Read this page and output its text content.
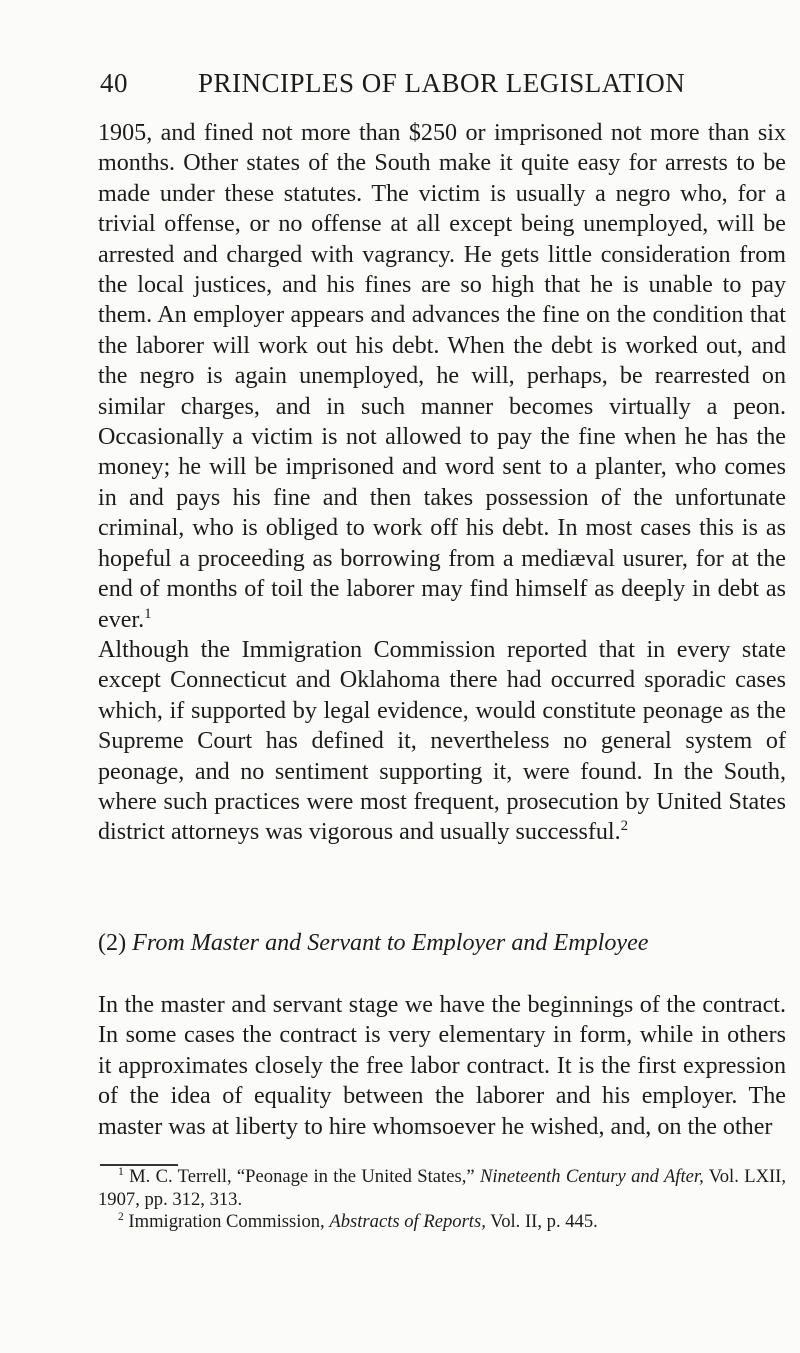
40	PRINCIPLES OF LABOR LEGISLATION

1905, and fined not more than $250 or imprisoned not more than six months. Other states of the South make it quite easy for arrests to be made under these statutes. The victim is usually a negro who, for a trivial offense, or no offense at all except being unemployed, will be arrested and charged with vagrancy. He gets little consideration from the local justices, and his fines are so high that he is unable to pay them. An employer appears and advances the fine on the condition that the laborer will work out his debt. When the debt is worked out, and the negro is again unemployed, he will, perhaps, be rearrested on similar charges, and in such manner becomes virtually a peon. Occasionally a victim is not allowed to pay the fine when he has the money; he will be imprisoned and word sent to a planter, who comes in and pays his fine and then takes possession of the unfortunate criminal, who is obliged to work off his debt. In most cases this is as hopeful a proceeding as borrowing from a mediæval usurer, for at the end of months of toil the laborer may find himself as deeply in debt as ever.$^1$

Although the Immigration Commission reported that in every state except Connecticut and Oklahoma there had occurred sporadic cases which, if supported by legal evidence, would constitute peonage as the Supreme Court has defined it, nevertheless no general system of peonage, and no sentiment supporting it, were found. In the South, where such practices were most frequent, prosecution by United States district attorneys was vigorous and usually successful.$^2$

(2) From Master and Servant to Employer and Employee

In the master and servant stage we have the beginnings of the contract. In some cases the contract is very elementary in form, while in others it approximates closely the free labor contract. It is the first expression of the idea of equality between the laborer and his employer. The master was at liberty to hire whomsoever he wished, and, on the other

$^1$ M. C. Terrell, “Peonage in the United States,” Nineteenth Century and After, Vol. LXII, 1907, pp. 312, 313.

$^2$ Immigration Commission, Abstracts of Reports, Vol. II, p. 445.
